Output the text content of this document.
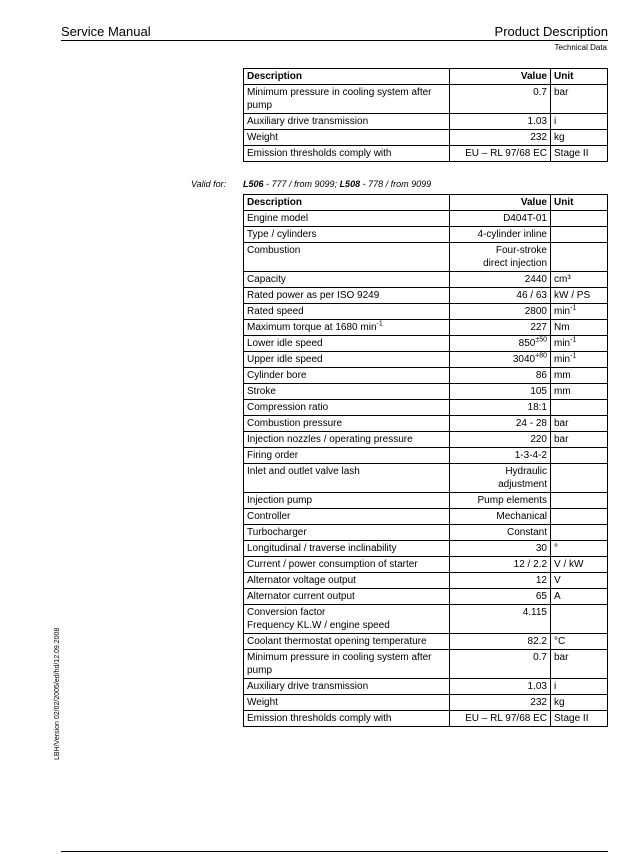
Service Manual	Product Description
Technical Data
LBH/Version 02/02/2005/ed/hd/12.09.2008
Description	Value	Unit
Minimum pressure in cooling system after pump	0.7	bar
Auxiliary drive transmission	1.03	i
Weight	232	kg
Emission thresholds comply with	EU – RL 97/68 EC	Stage II
Valid for: L506 - 777 / from 9099; L508 - 778 / from 9099
Description	Value	Unit
Engine model	D404T-01	
Type / cylinders	4-cylinder inline	
Combustion	Four-stroke
direct injection	
Capacity	2440	cm³
Rated power as per ISO 9249	46 / 63	kW / PS
Rated speed	2800	$\min^{-1}$
Maximum torque at 1680 $\min^{-1}$	227	Nm
Lower idle speed	$850^{\pm 50}$	$\min^{-1}$
Upper idle speed	$3040^{+80}$	$\min^{-1}$
Cylinder bore	86	mm
Stroke	105	mm
Compression ratio	18:1	
Combustion pressure	24 - 28	bar
Injection nozzles / operating pressure	220	bar
Firing order	1-3-4-2	
Inlet and outlet valve lash	Hydraulic
adjustment	
Injection pump	Pump elements	
Controller	Mechanical	
Turbocharger	Constant	
Longitudinal / traverse inclinability	30	°
Current / power consumption of starter	12 / 2.2	V / kW
Alternator voltage output	12	V
Alternator current output	65	A
Conversion factor
Frequency KL.W / engine speed	4.115	
Coolant thermostat opening temperature	82.2	°C
Minimum pressure in cooling system after pump	0.7	bar
Auxiliary drive transmission	1.03	i
Weight	232	kg
Emission thresholds comply with	EU – RL 97/68 EC	Stage II
